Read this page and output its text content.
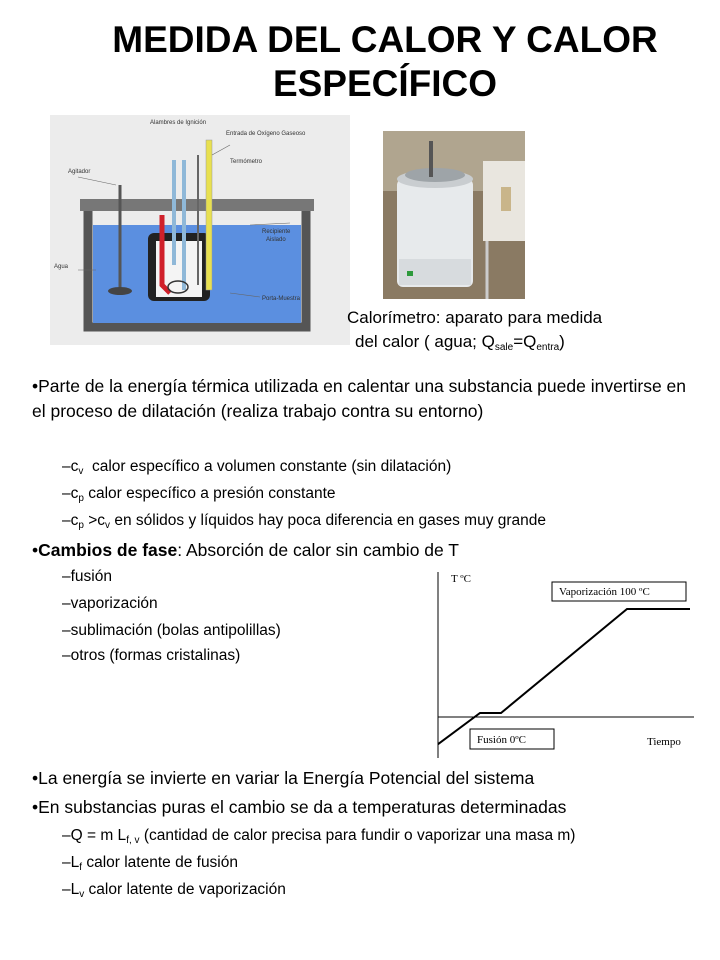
MEDIDA DEL CALOR Y CALOR
ESPECÍFICO
Alambres de Ignición
Entrada de Oxígeno Gaseoso
Termómetro
Agitador
Recipiente
Aislado
Agua
Porta-Muestra
Calorímetro: aparato para medida
del calor ( agua; $Q_{sale}=Q_{entra}$)
•Parte de la energía térmica utilizada en calentar una substancia puede invertirse en el proceso de dilatación (realiza trabajo contra su entorno)
$-c_v$  calor específico a volumen constante (sin dilatación)
$-c_p$ calor específico a presión constante
$-c_p >c_v$ en sólidos y líquidos hay poca diferencia en gases muy grande
•Cambios de fase: Absorción de calor sin cambio de T
–fusión
–vaporización
–sublimación (bolas antipolillas)
–otros (formas cristalinas)
T ºC
Tiempo
Vaporización 100 ºC
Fusión 0ºC
•La energía se invierte en variar la Energía Potencial del sistema
•En substancias puras el cambio se da a temperaturas determinadas
–Q = m $L_{f, v}$ (cantidad de calor precisa para fundir o vaporizar una masa m)
$-L_f$ calor latente de fusión
$-L_v$ calor latente de vaporización
